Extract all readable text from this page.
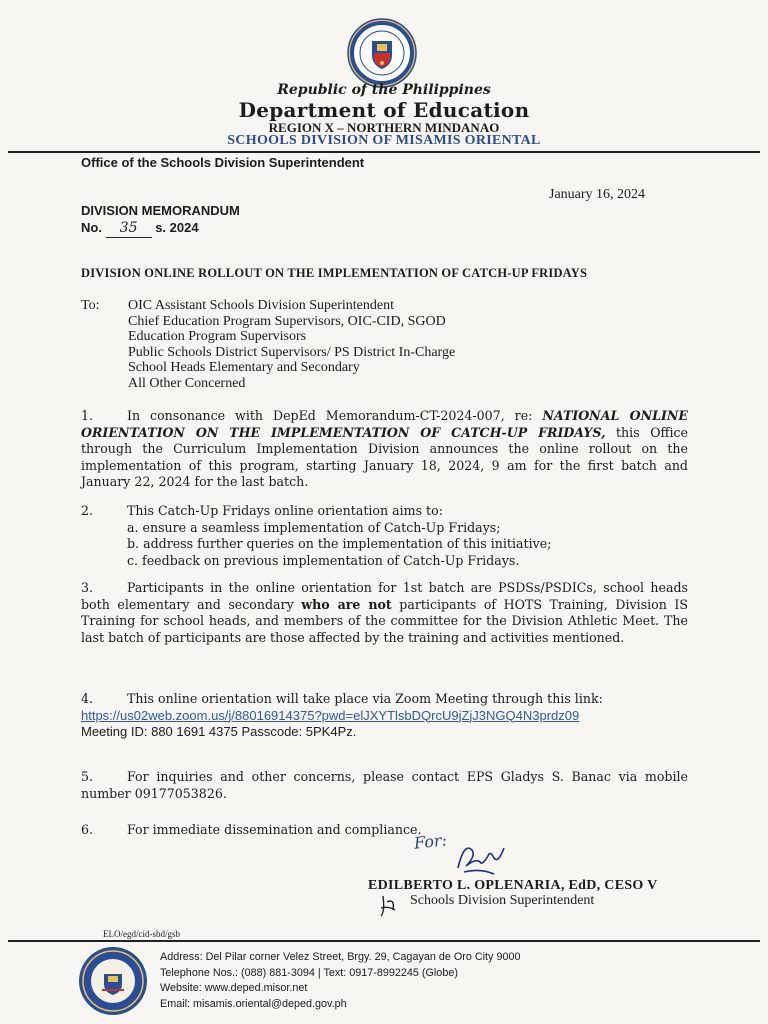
Republic of the Philippines
Department of Education
REGION X – NORTHERN MINDANAO
SCHOOLS DIVISION OF MISAMIS ORIENTAL
Office of the Schools Division Superintendent
January 16, 2024
DIVISION MEMORANDUM
No. 35 s. 2024
DIVISION ONLINE ROLLOUT ON THE IMPLEMENTATION OF CATCH-UP FRIDAYS
To: OIC Assistant Schools Division Superintendent
Chief Education Program Supervisors, OIC-CID, SGOD
Education Program Supervisors
Public Schools District Supervisors/ PS District In-Charge
School Heads Elementary and Secondary
All Other Concerned
1.	In consonance with DepEd Memorandum-CT-2024-007, re: NATIONAL ONLINE ORIENTATION ON THE IMPLEMENTATION OF CATCH-UP FRIDAYS, this Office through the Curriculum Implementation Division announces the online rollout on the implementation of this program, starting January 18, 2024, 9 am for the first batch and January 22, 2024 for the last batch.
2.	This Catch-Up Fridays online orientation aims to:
a. ensure a seamless implementation of Catch-Up Fridays;
b. address further queries on the implementation of this initiative;
c. feedback on previous implementation of Catch-Up Fridays.
3.	Participants in the online orientation for 1st batch are PSDSs/PSDICs, school heads both elementary and secondary who are not participants of HOTS Training, Division IS Training for school heads, and members of the committee for the Division Athletic Meet. The last batch of participants are those affected by the training and activities mentioned.
4.	This online orientation will take place via Zoom Meeting through this link:
https://us02web.zoom.us/j/88016914375?pwd=elJXYTlsbDQrcU9jZjJ3NGQ4N3prdz09
Meeting ID: 880 1691 4375 Passcode: 5PK4Pz.
5.	For inquiries and other concerns, please contact EPS Gladys S. Banac via mobile number 09177053826.
6.	For immediate dissemination and compliance.
For:
EDILBERTO L. OPLENARIA, EdD, CESO V
Schools Division Superintendent
ELO/egd/cid-sbd/gsb
Address: Del Pilar corner Velez Street, Brgy. 29, Cagayan de Oro City 9000
Telephone Nos.: (088) 881-3094 | Text: 0917-8992245 (Globe)
Website: www.deped.misor.net
Email: misamis.oriental@deped.gov.ph
